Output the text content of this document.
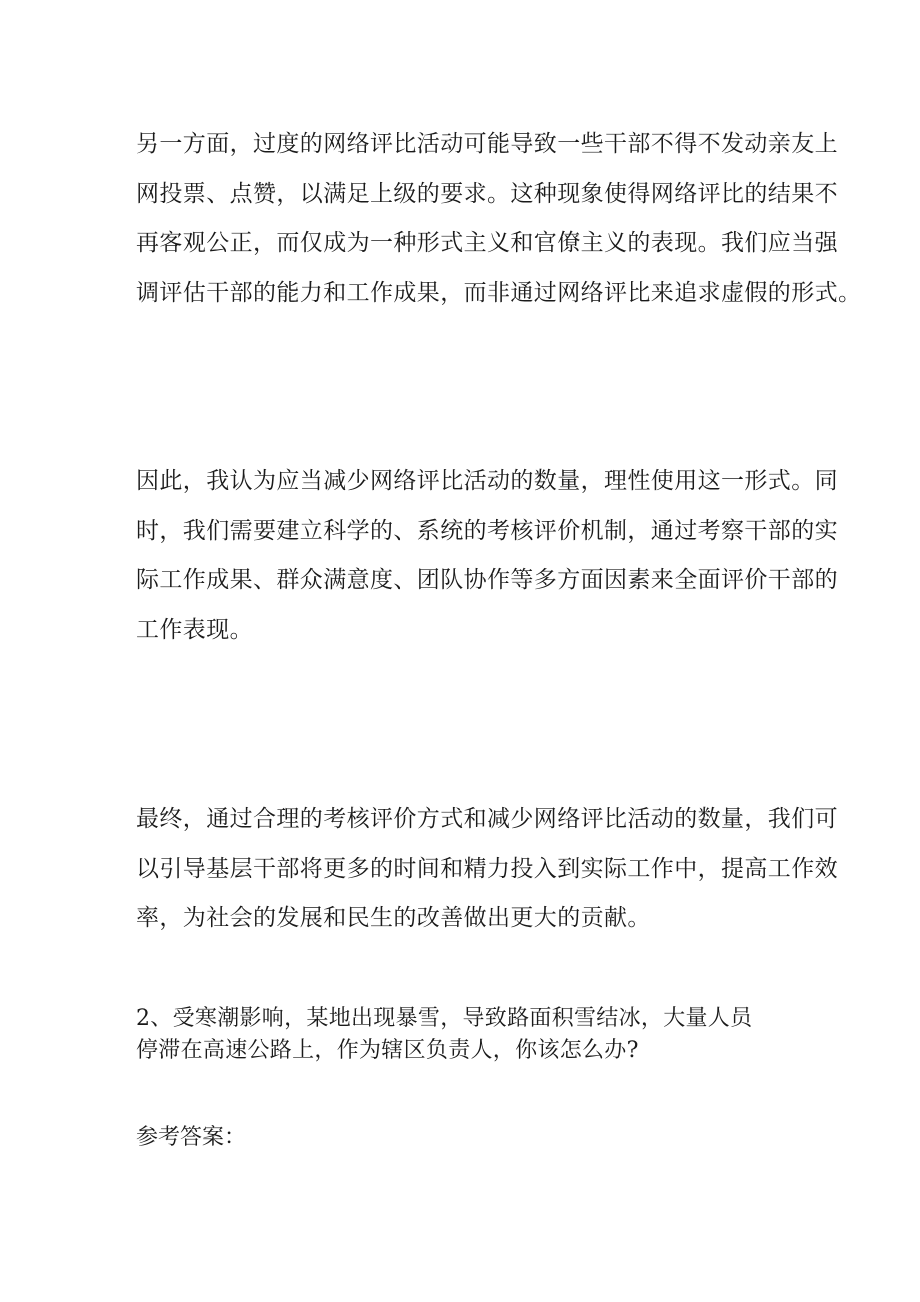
另一方面，过度的网络评比活动可能导致一些干部不得不发动亲友上
网投票、点赞，以满足上级的要求。这种现象使得网络评比的结果不
再客观公正，而仅成为一种形式主义和官僚主义的表现。我们应当强
调评估干部的能力和工作成果，而非通过网络评比来追求虚假的形式。

因此，我认为应当减少网络评比活动的数量，理性使用这一形式。同
时，我们需要建立科学的、系统的考核评价机制，通过考察干部的实
际工作成果、群众满意度、团队协作等多方面因素来全面评价干部的
工作表现。

最终，通过合理的考核评价方式和减少网络评比活动的数量，我们可
以引导基层干部将更多的时间和精力投入到实际工作中，提高工作效
率，为社会的发展和民生的改善做出更大的贡献。

2、受寒潮影响，某地出现暴雪，导致路面积雪结冰，大量人员
停滞在高速公路上，作为辖区负责人，你该怎么办?

参考答案：
